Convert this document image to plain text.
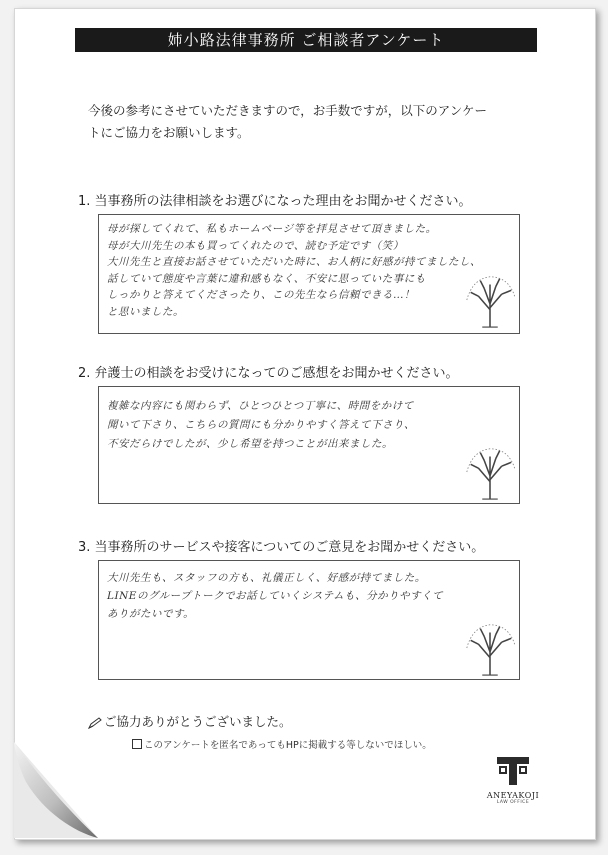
姉小路法律事務所 ご相談者アンケート
今後の参考にさせていただきますので，お手数ですが，以下のアンケー
トにご協力をお願いします。
1. 当事務所の法律相談をお選びになった理由をお聞かせください。
母が探してくれて、私もホームページ等を拝見させて頂きました。
母が大川先生の本も買ってくれたので、読む予定です（笑）
大川先生と直接お話させていただいた時に、お人柄に好感が持てましたし、
話していて態度や言葉に違和感もなく、不安に思っていた事にも
しっかりと答えてくださったり、この先生なら信頼できる…！
と思いました。
2. 弁護士の相談をお受けになってのご感想をお聞かせください。
複雑な内容にも関わらず、ひとつひとつ丁寧に、時間をかけて
聞いて下さり、こちらの質問にも分かりやすく答えて下さり、
不安だらけでしたが、少し希望を持つことが出来ました。
3. 当事務所のサービスや接客についてのご意見をお聞かせください。
大川先生も、スタッフの方も、礼儀正しく、好感が持てました。
LINEのグループトークでお話していくシステムも、分かりやすくて
ありがたいです。
ご協力ありがとうございました。
このアンケートを匿名であってもHPに掲載する等しないでほしい。
ANEYAKOJI
LAW OFFICE
